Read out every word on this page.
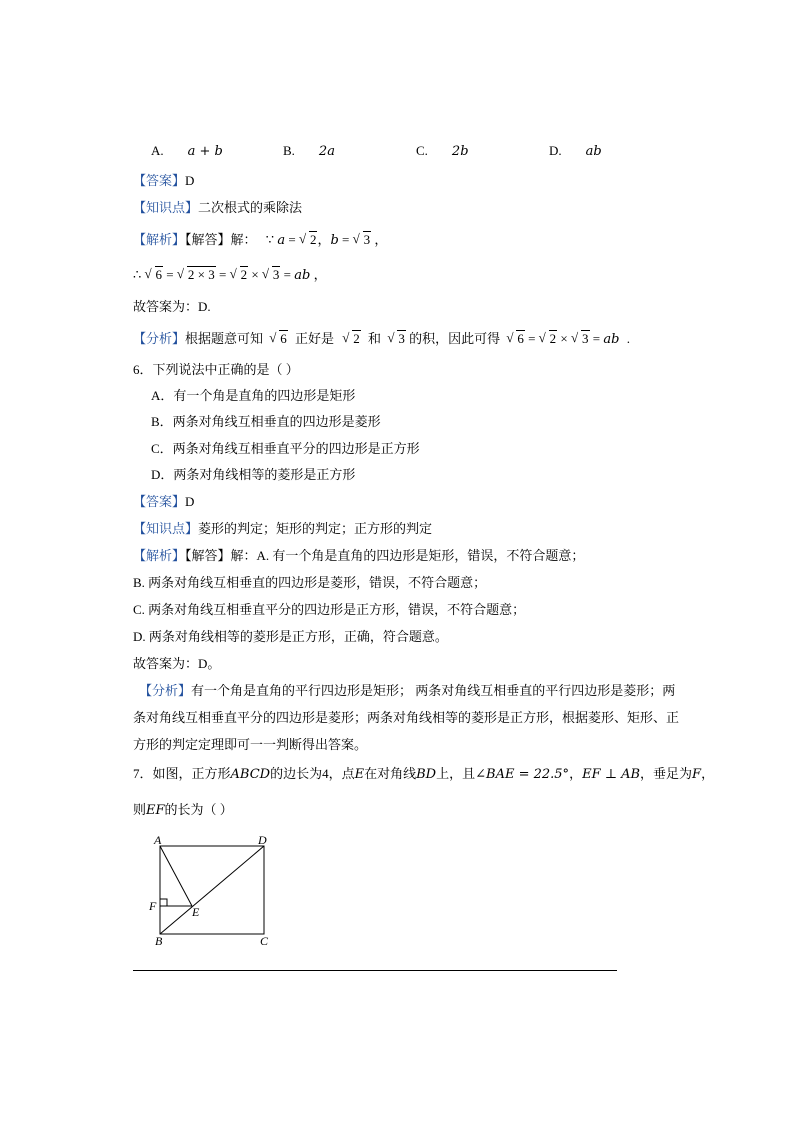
A. a + b	B. 2a	C. 2b	D. ab
【答案】D
【知识点】二次根式的乘除法
【解析】【解答】解： ∵ a = √ 2，b = √ 3 ，
∴ √ 6 = √ 2 × 3 = √ 2 × √ 3 = ab ，
故答案为：D.
【分析】根据题意可知 √ 6 正好是 √ 2 和 √ 3 的积，因此可得 √ 6 = √ 2 × √ 3 = ab .
6．下列说法中正确的是（ ）
A．有一个角是直角的四边形是矩形
B．两条对角线互相垂直的四边形是菱形
C．两条对角线互相垂直平分的四边形是正方形
D．两条对角线相等的菱形是正方形
【答案】D
【知识点】菱形的判定；矩形的判定；正方形的判定
【解析】【解答】解：A. 有一个角是直角的四边形是矩形，错误，不符合题意；
B. 两条对角线互相垂直的四边形是菱形，错误，不符合题意；
C. 两条对角线互相垂直平分的四边形是正方形，错误，不符合题意；
D. 两条对角线相等的菱形是正方形，正确，符合题意。
故答案为：D。
【分析】有一个角是直角的平行四边形是矩形； 两条对角线互相垂直的平行四边形是菱形；两
条对角线互相垂直平分的四边形是菱形；两条对角线相等的菱形是正方形，根据菱形、矩形、正
方形的判定定理即可一一判断得出答案。
7．如图，正方形ABCD的边长为4，点E在对角线BD上，且∠BAE = 22.5°，EF ⊥ AB，垂足为F，
则EF的长为（ ）
A	D
F	E
B	C
